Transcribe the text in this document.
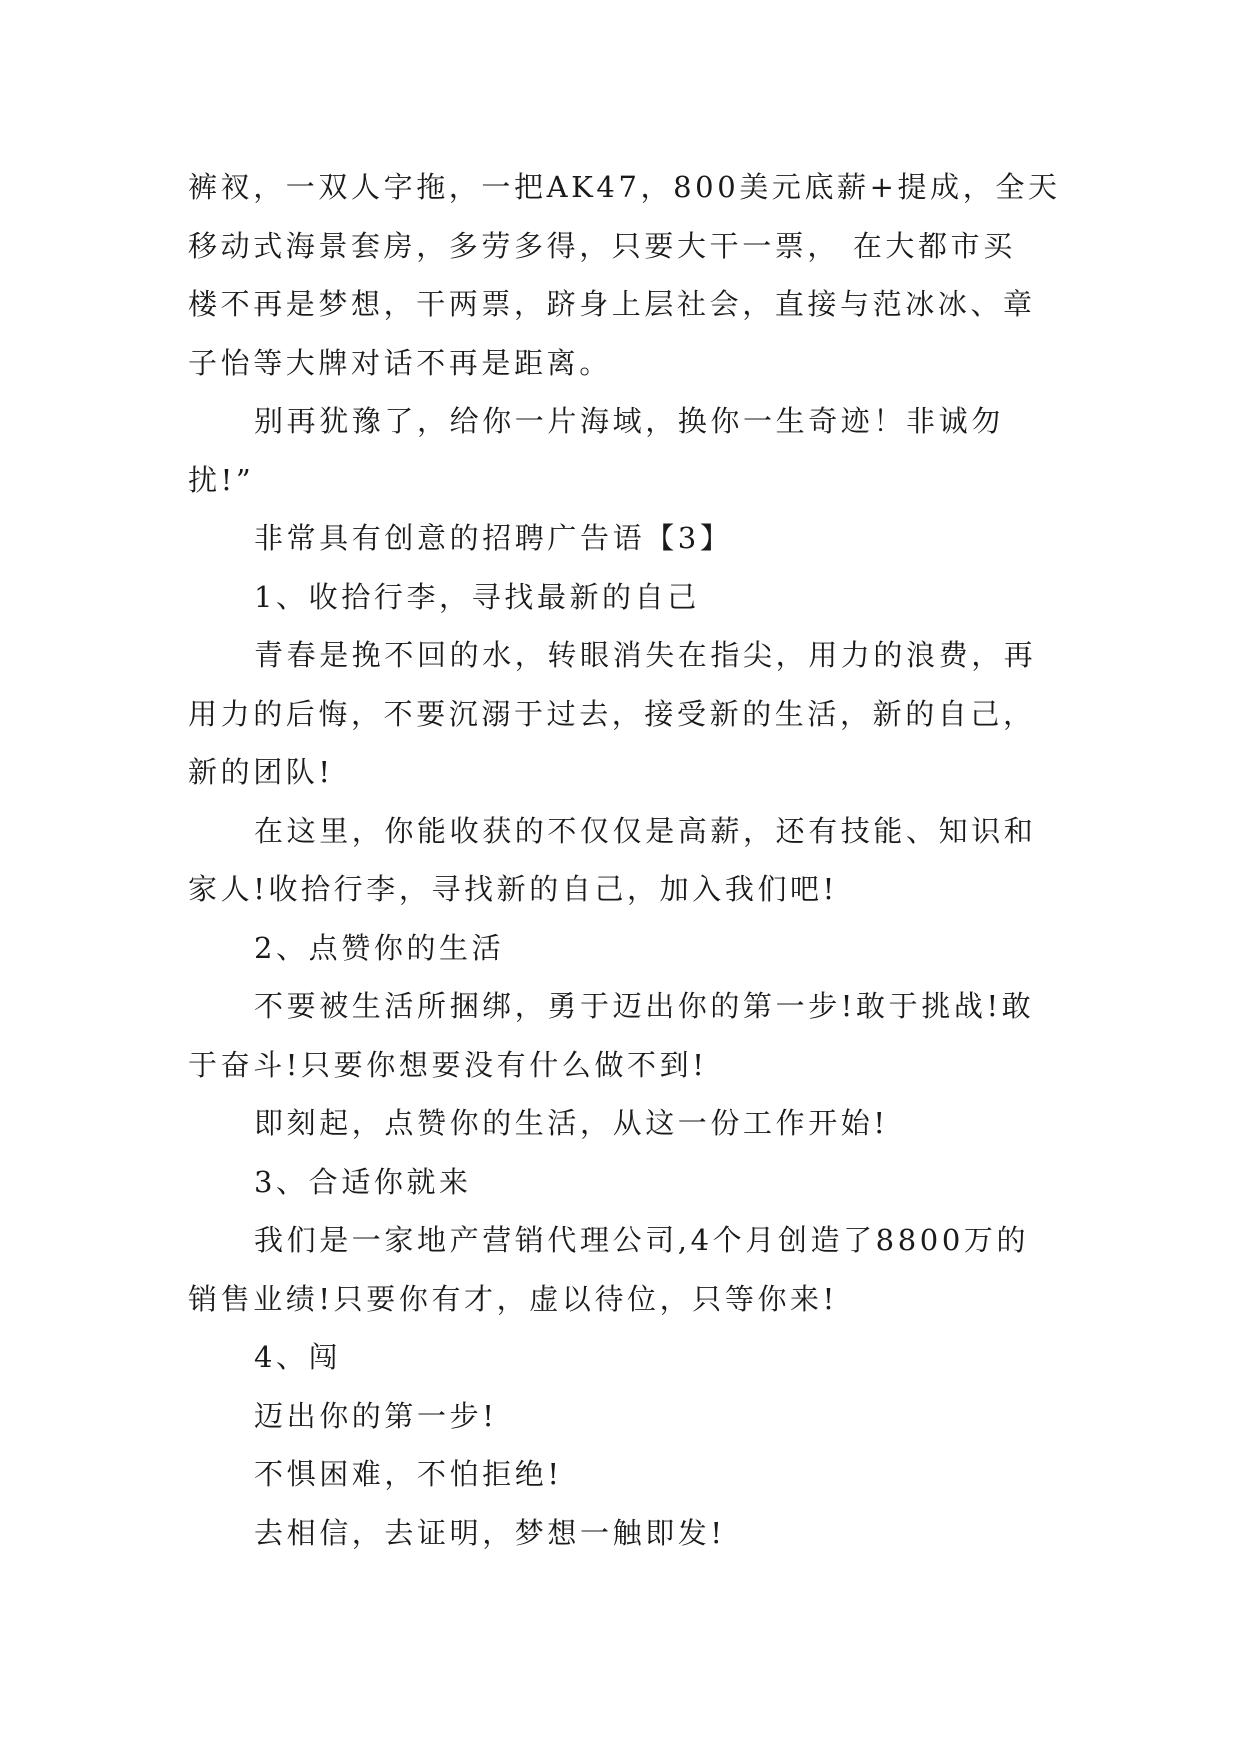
裤衩，一双人字拖，一把AK47，800美元底薪+提成，全天
移动式海景套房，多劳多得，只要大干一票， 在大都市买
楼不再是梦想，干两票，跻身上层社会，直接与范冰冰、章
子怡等大牌对话不再是距离。
别再犹豫了，给你一片海域，换你一生奇迹！非诚勿
扰!”
非常具有创意的招聘广告语【3】
1、收拾行李，寻找最新的自己
青春是挽不回的水，转眼消失在指尖，用力的浪费，再
用力的后悔，不要沉溺于过去，接受新的生活，新的自己，
新的团队!
在这里，你能收获的不仅仅是高薪，还有技能、知识和
家人!收拾行李，寻找新的自己，加入我们吧!
2、点赞你的生活
不要被生活所捆绑，勇于迈出你的第一步!敢于挑战!敢
于奋斗!只要你想要没有什么做不到!
即刻起，点赞你的生活，从这一份工作开始!
3、合适你就来
我们是一家地产营销代理公司,4个月创造了8800万的
销售业绩!只要你有才，虚以待位，只等你来!
4、闯
迈出你的第一步!
不惧困难，不怕拒绝!
去相信，去证明，梦想一触即发!
